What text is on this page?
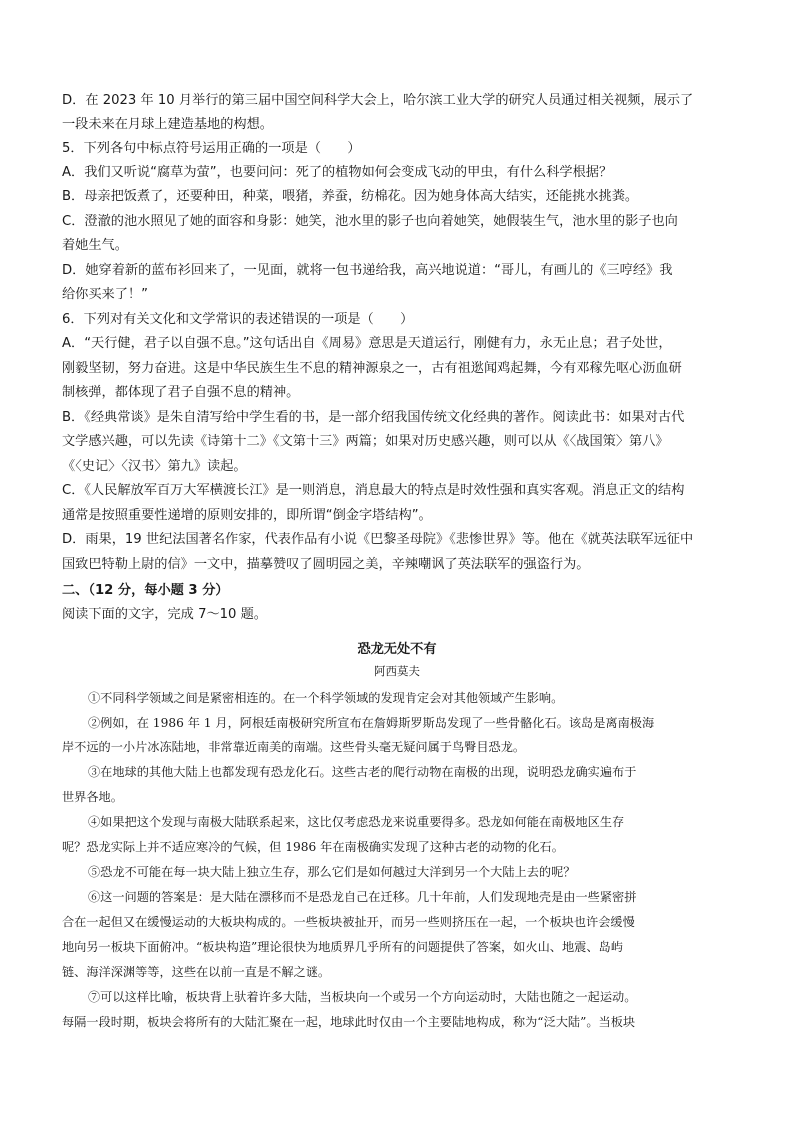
D．在 2023 年 10 月举行的第三届中国空间科学大会上，哈尔滨工业大学的研究人员通过相关视频，展示了
一段未来在月球上建造基地的构想。
5．下列各句中标点符号运用正确的一项是（　　）
A．我们又听说“腐草为萤”，也要问问：死了的植物如何会变成飞动的甲虫，有什么科学根据？
B．母亲把饭煮了，还要种田，种菜，喂猪，养蚕，纺棉花。因为她身体高大结实，还能挑水挑粪。
C．澄澈的池水照见了她的面容和身影：她笑，池水里的影子也向着她笑，她假装生气，池水里的影子也向
着她生气。
D．她穿着新的蓝布衫回来了，一见面，就将一包书递给我，高兴地说道：“哥儿，有画儿的《三哼经》我
给你买来了！”
6．下列对有关文化和文学常识的表述错误的一项是（　　）
A．“天行健，君子以自强不息。”这句话出自《周易》意思是天道运行，刚健有力，永无止息；君子处世，
刚毅坚韧，努力奋进。这是中华民族生生不息的精神源泉之一，古有祖逖闻鸡起舞，今有邓稼先呕心沥血研
制核弹，都体现了君子自强不息的精神。
B．《经典常谈》是朱自清写给中学生看的书，是一部介绍我国传统文化经典的著作。阅读此书：如果对古代
文学感兴趣，可以先读《诗第十二》《文第十三》两篇；如果对历史感兴趣，则可以从《〈战国策〉第八》
《〈史记〉〈汉书〉第九》读起。
C．《人民解放军百万大军横渡长江》是一则消息，消息最大的特点是时效性强和真实客观。消息正文的结构
通常是按照重要性递增的原则安排的，即所谓“倒金字塔结构”。
D．雨果，19 世纪法国著名作家，代表作品有小说《巴黎圣母院》《悲惨世界》等。他在《就英法联军远征中
国致巴特勒上尉的信》一文中，描摹赞叹了圆明园之美，辛辣嘲讽了英法联军的强盗行为。
二、（12 分，每小题 3 分）
阅读下面的文字，完成 7～10 题。
恐龙无处不有
阿西莫夫
①不同科学领域之间是紧密相连的。在一个科学领域的发现肯定会对其他领域产生影响。
②例如，在 1986 年 1 月，阿根廷南极研究所宣布在詹姆斯罗斯岛发现了一些骨骼化石。该岛是离南极海
岸不远的一小片冰冻陆地，非常靠近南美的南端。这些骨头毫无疑问属于鸟臀目恐龙。
③在地球的其他大陆上也都发现有恐龙化石。这些古老的爬行动物在南极的出现，说明恐龙确实遍布于
世界各地。
④如果把这个发现与南极大陆联系起来，这比仅考虑恐龙来说重要得多。恐龙如何能在南极地区生存
呢？恐龙实际上并不适应寒冷的气候，但 1986 年在南极确实发现了这种古老的动物的化石。
⑤恐龙不可能在每一块大陆上独立生存，那么它们是如何越过大洋到另一个大陆上去的呢？
⑥这一问题的答案是：是大陆在漂移而不是恐龙自己在迁移。几十年前，人们发现地壳是由一些紧密拼
合在一起但又在缓慢运动的大板块构成的。一些板块被扯开，而另一些则挤压在一起，一个板块也许会缓慢
地向另一板块下面俯冲。“板块构造”理论很快为地质界几乎所有的问题提供了答案，如火山、地震、岛屿
链、海洋深渊等等，这些在以前一直是不解之谜。
⑦可以这样比喻，板块背上驮着许多大陆，当板块向一个或另一个方向运动时，大陆也随之一起运动。
每隔一段时期，板块会将所有的大陆汇聚在一起，地球此时仅由一个主要陆地构成，称为“泛大陆”。当板块
